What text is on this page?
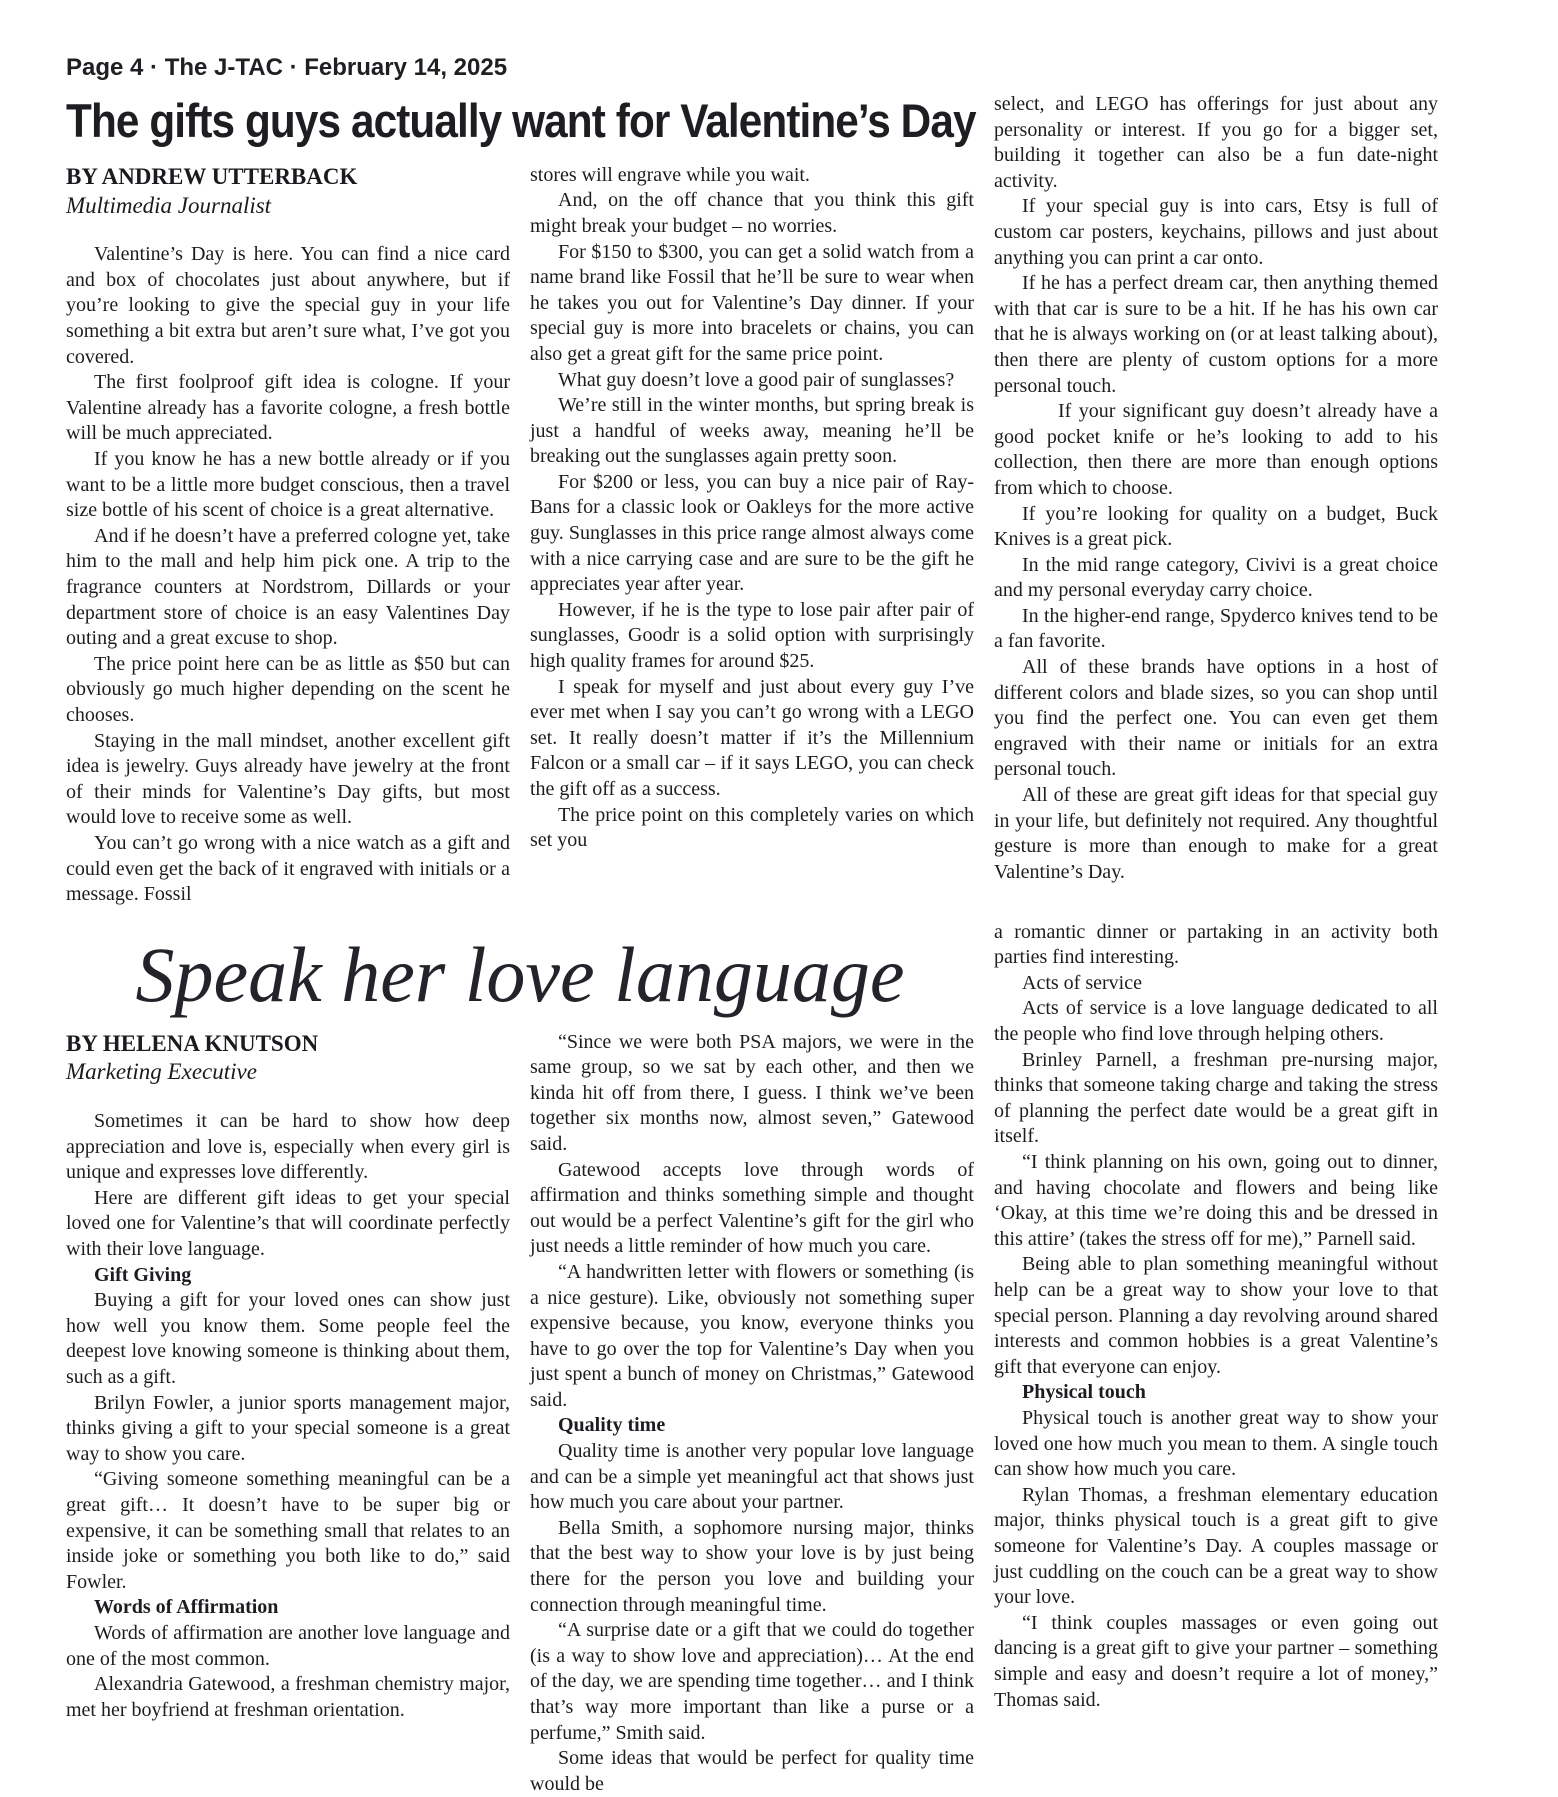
Page 4 · The J-TAC · February 14, 2025
The gifts guys actually want for Valentine’s Day
BY ANDREW UTTERBACK
Multimedia Journalist

Valentine’s Day is here. You can find a nice card and box of chocolates just about anywhere, but if you’re looking to give the special guy in your life something a bit extra but aren’t sure what, I’ve got you covered.

The first foolproof gift idea is cologne. If your Valentine already has a favorite cologne, a fresh bottle will be much appreciated.

If you know he has a new bottle already or if you want to be a little more budget conscious, then a travel size bottle of his scent of choice is a great alternative.

And if he doesn’t have a preferred cologne yet, take him to the mall and help him pick one. A trip to the fragrance counters at Nordstrom, Dillards or your department store of choice is an easy Valentines Day outing and a great excuse to shop.

The price point here can be as little as $50 but can obviously go much higher depending on the scent he chooses.

Staying in the mall mindset, another excellent gift idea is jewelry. Guys already have jewelry at the front of their minds for Valentine’s Day gifts, but most would love to receive some as well.

You can’t go wrong with a nice watch as a gift and could even get the back of it engraved with initials or a message. Fossil

stores will engrave while you wait.

And, on the off chance that you think this gift might break your budget – no worries.

For $150 to $300, you can get a solid watch from a name brand like Fossil that he’ll be sure to wear when he takes you out for Valentine’s Day dinner. If your special guy is more into bracelets or chains, you can also get a great gift for the same price point.

What guy doesn’t love a good pair of sunglasses?

We’re still in the winter months, but spring break is just a handful of weeks away, meaning he’ll be breaking out the sunglasses again pretty soon.

For $200 or less, you can buy a nice pair of Ray-Bans for a classic look or Oakleys for the more active guy. Sunglasses in this price range almost always come with a nice carrying case and are sure to be the gift he appreciates year after year.

However, if he is the type to lose pair after pair of sunglasses, Goodr is a solid option with surprisingly high quality frames for around $25.

I speak for myself and just about every guy I’ve ever met when I say you can’t go wrong with a LEGO set. It really doesn’t matter if it’s the Millennium Falcon or a small car – if it says LEGO, you can check the gift off as a success.

The price point on this completely varies on which set you

select, and LEGO has offerings for just about any personality or interest. If you go for a bigger set, building it together can also be a fun date-night activity.

If your special guy is into cars, Etsy is full of custom car posters, keychains, pillows and just about anything you can print a car onto.

If he has a perfect dream car, then anything themed with that car is sure to be a hit. If he has his own car that he is always working on (or at least talking about), then there are plenty of custom options for a more personal touch.

If your significant guy doesn’t already have a good pocket knife or he’s looking to add to his collection, then there are more than enough options from which to choose.

If you’re looking for quality on a budget, Buck Knives is a great pick.

In the mid range category, Civivi is a great choice and my personal everyday carry choice.

In the higher-end range, Spyderco knives tend to be a fan favorite.

All of these brands have options in a host of different colors and blade sizes, so you can shop until you find the perfect one. You can even get them engraved with their name or initials for an extra personal touch.

All of these are great gift ideas for that special guy in your life, but definitely not required. Any thoughtful gesture is more than enough to make for a great Valentine’s Day.

Speak her love language
BY HELENA KNUTSON
Marketing Executive

Sometimes it can be hard to show how deep appreciation and love is, especially when every girl is unique and expresses love differently.

Here are different gift ideas to get your special loved one for Valentine’s that will coordinate perfectly with their love language.

Gift Giving

Buying a gift for your loved ones can show just how well you know them. Some people feel the deepest love knowing someone is thinking about them, such as a gift.

Brilyn Fowler, a junior sports management major, thinks giving a gift to your special someone is a great way to show you care.

“Giving someone something meaningful can be a great gift… It doesn’t have to be super big or expensive, it can be something small that relates to an inside joke or something you both like to do,” said Fowler.

Words of Affirmation

Words of affirmation are another love language and one of the most common.

Alexandria Gatewood, a freshman chemistry major, met her boyfriend at freshman orientation.

“Since we were both PSA majors, we were in the same group, so we sat by each other, and then we kinda hit off from there, I guess. I think we’ve been together six months now, almost seven,” Gatewood said.

Gatewood accepts love through words of affirmation and thinks something simple and thought out would be a perfect Valentine’s gift for the girl who just needs a little reminder of how much you care.

“A handwritten letter with flowers or something (is a nice gesture). Like, obviously not something super expensive because, you know, everyone thinks you have to go over the top for Valentine’s Day when you just spent a bunch of money on Christmas,” Gatewood said.

Quality time

Quality time is another very popular love language and can be a simple yet meaningful act that shows just how much you care about your partner.

Bella Smith, a sophomore nursing major, thinks that the best way to show your love is by just being there for the person you love and building your connection through meaningful time.

“A surprise date or a gift that we could do together (is a way to show love and appreciation)… At the end of the day, we are spending time together… and I think that’s way more important than like a purse or a perfume,” Smith said.

Some ideas that would be perfect for quality time would be

a romantic dinner or partaking in an activity both parties find interesting.

Acts of service

Acts of service is a love language dedicated to all the people who find love through helping others.

Brinley Parnell, a freshman pre-nursing major, thinks that someone taking charge and taking the stress of planning the perfect date would be a great gift in itself.

“I think planning on his own, going out to dinner, and having chocolate and flowers and being like ‘Okay, at this time we’re doing this and be dressed in this attire’ (takes the stress off for me),” Parnell said.

Being able to plan something meaningful without help can be a great way to show your love to that special person. Planning a day revolving around shared interests and common hobbies is a great Valentine’s gift that everyone can enjoy.

Physical touch

Physical touch is another great way to show your loved one how much you mean to them. A single touch can show how much you care.

Rylan Thomas, a freshman elementary education major, thinks physical touch is a great gift to give someone for Valentine’s Day. A couples massage or just cuddling on the couch can be a great way to show your love.

“I think couples massages or even going out dancing is a great gift to give your partner – something simple and easy and doesn’t require a lot of money,” Thomas said.
